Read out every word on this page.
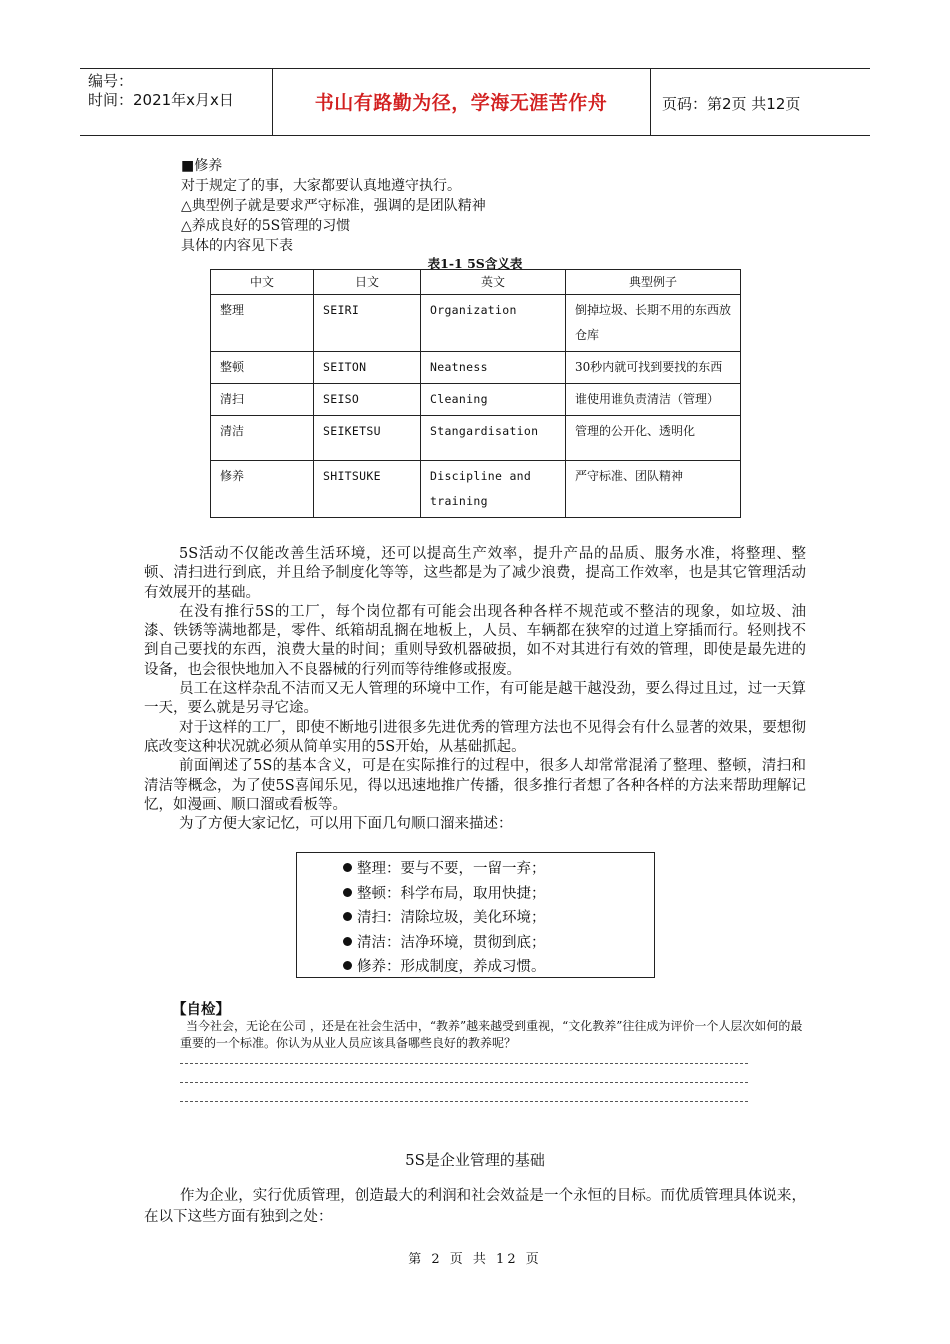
编号：
时间：2021年x月x日	书山有路勤为径，学海无涯苦作舟	页码：第2页 共12页
■修养
对于规定了的事，大家都要认真地遵守执行。
△典型例子就是要求严守标准，强调的是团队精神
△养成良好的5S管理的习惯
具体的内容见下表
表1-1 5S含义表
中文	日文	英文	典型例子
整理	SEIRI	Organization	倒掉垃圾、长期不用的东西放仓库
整顿	SEITON	Neatness	30秒内就可找到要找的东西
清扫	SEISO	Cleaning	谁使用谁负责清洁（管理）
清洁	SEIKETSU	Stangardisation	管理的公开化、透明化
修养	SHITSUKE	Discipline and training	严守标准、团队精神

5S活动不仅能改善生活环境，还可以提高生产效率，提升产品的品质、服务水准，将整理、整顿、清扫进行到底，并且给予制度化等等，这些都是为了减少浪费，提高工作效率，也是其它管理活动有效展开的基础。

在没有推行5S的工厂，每个岗位都有可能会出现各种各样不规范或不整洁的现象，如垃圾、油漆、铁锈等满地都是，零件、纸箱胡乱搁在地板上，人员、车辆都在狭窄的过道上穿插而行。轻则找不到自己要找的东西，浪费大量的时间；重则导致机器破损，如不对其进行有效的管理，即使是最先进的设备，也会很快地加入不良器械的行列而等待维修或报废。

员工在这样杂乱不洁而又无人管理的环境中工作，有可能是越干越没劲，要么得过且过，过一天算一天，要么就是另寻它途。

对于这样的工厂，即使不断地引进很多先进优秀的管理方法也不见得会有什么显著的效果，要想彻底改变这种状况就必须从简单实用的5S开始，从基础抓起。

前面阐述了5S的基本含义，可是在实际推行的过程中，很多人却常常混淆了整理、整顿，清扫和清洁等概念，为了使5S喜闻乐见，得以迅速地推广传播，很多推行者想了各种各样的方法来帮助理解记忆，如漫画、顺口溜或看板等。

为了方便大家记忆，可以用下面几句顺口溜来描述：

整理：要与不要，一留一弃；
整顿：科学布局，取用快捷；
清扫：清除垃圾，美化环境；
清洁：洁净环境，贯彻到底；
修养：形成制度，养成习惯。
【自检】
当今社会，无论在公司 ，还是在社会生活中，“教养”越来越受到重视，“文化教养”往往成为评价一个人层次如何的最重要的一个标准。你认为从业人员应该具备哪些良好的教养呢？
5S是企业管理的基础

作为企业，实行优质管理，创造最大的利润和社会效益是一个永恒的目标。而优质管理具体说来，在以下这些方面有独到之处：

第 2 页 共 12 页
